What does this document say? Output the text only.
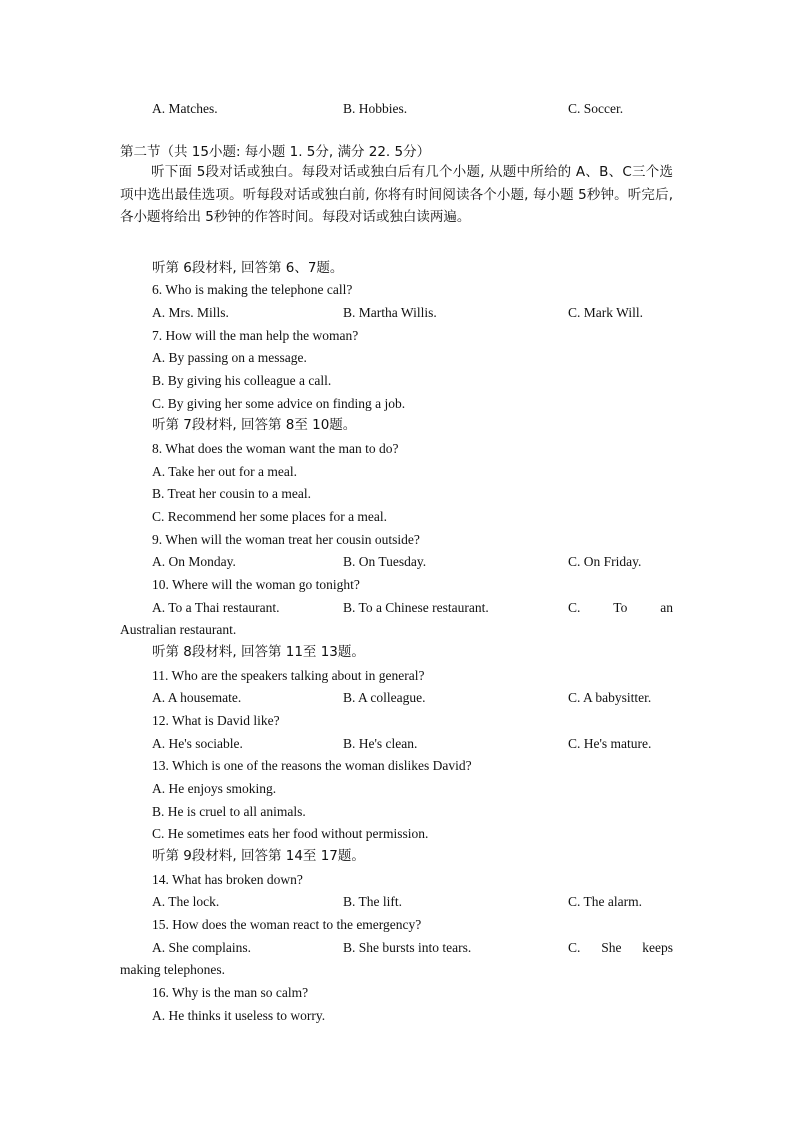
A. Matches.	B. Hobbies.	C. Soccer.
第二节（共 15小题: 每小题 1. 5分, 满分 22. 5分）
听下面 5段对话或独白。每段对话或独白后有几个小题, 从题中所给的 A、B、C三个选项中选出最佳选项。听每段对话或独白前, 你将有时间阅读各个小题, 每小题 5秒钟。听完后, 各小题将给出 5秒钟的作答时间。每段对话或独白读两遍。
听第 6段材料, 回答第 6、7题。
6. Who is making the telephone call?
A. Mrs. Mills.	B. Martha Willis.	C. Mark Will.
7. How will the man help the woman?
A. By passing on a message.
B. By giving his colleague a call.
C. By giving her some advice on finding a job.
听第 7段材料, 回答第 8至 10题。
8. What does the woman want the man to do?
A. Take her out for a meal.
B. Treat her cousin to a meal.
C. Recommend her some places for a meal.
9. When will the woman treat her cousin outside?
A. On Monday.	B. On Tuesday.	C. On Friday.
10. Where will the woman go tonight?
A. To a Thai restaurant.	B. To a Chinese restaurant.	C. To an
Australian restaurant.
听第 8段材料, 回答第 11至 13题。
11. Who are the speakers talking about in general?
A. A housemate.	B. A colleague.	C. A babysitter.
12. What is David like?
A. He's sociable.	B. He's clean.	C. He's mature.
13. Which is one of the reasons the woman dislikes David?
A. He enjoys smoking.
B. He is cruel to all animals.
C. He sometimes eats her food without permission.
听第 9段材料, 回答第 14至 17题。
14. What has broken down?
A. The lock.	B. The lift.	C. The alarm.
15. How does the woman react to the emergency?
A. She complains.	B. She bursts into tears.	C. She keeps
making telephones.
16. Why is the man so calm?
A. He thinks it useless to worry.
